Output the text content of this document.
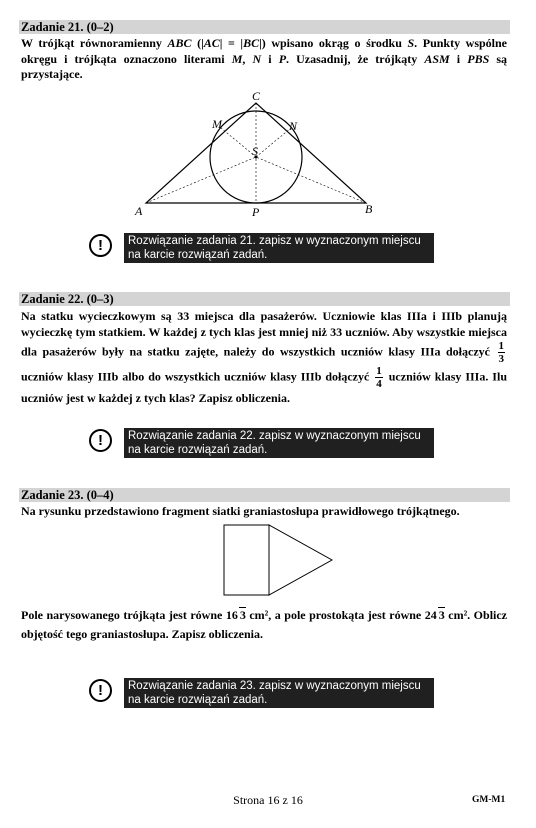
Zadanie 21. (0–2)
W trójkąt równoramienny ABC (|AC| = |BC|) wpisano okrąg o środku S. Punkty wspólne okręgu i trójkąta oznaczono literami M, N i P. Uzasadnij, że trójkąty ASM i PBS są przystające.
C
M	N
S
A	P	B
!	Rozwiązanie zadania 21. zapisz w wyznaczonym miejscu na karcie rozwiązań zadań.
Zadanie 22. (0–3)
Na statku wycieczkowym są 33 miejsca dla pasażerów. Uczniowie klas IIIa i IIIb planują wycieczkę tym statkiem. W każdej z tych klas jest mniej niż 33 uczniów. Aby wszystkie miejsca dla pasażerów były na statku zajęte, należy do wszystkich uczniów klasy IIIa dołączyć $\frac{1}{3}$
uczniów klasy IIIb albo do wszystkich uczniów klasy IIIb dołączyć $\frac{1}{4}$ uczniów klasy IIIa. Ilu uczniów jest w każdej z tych klas? Zapisz obliczenia.
!	Rozwiązanie zadania 22. zapisz w wyznaczonym miejscu na karcie rozwiązań zadań.
Zadanie 23. (0–4)
Na rysunku przedstawiono fragment siatki graniastosłupa prawidłowego trójkątnego.
Pole narysowanego trójkąta jest równe 16 3 cm², a pole prostokąta jest równe 24 3 cm². Oblicz objętość tego graniastosłupa. Zapisz obliczenia.
!	Rozwiązanie zadania 23. zapisz w wyznaczonym miejscu na karcie rozwiązań zadań.
Strona 16 z 16	GM-M1
